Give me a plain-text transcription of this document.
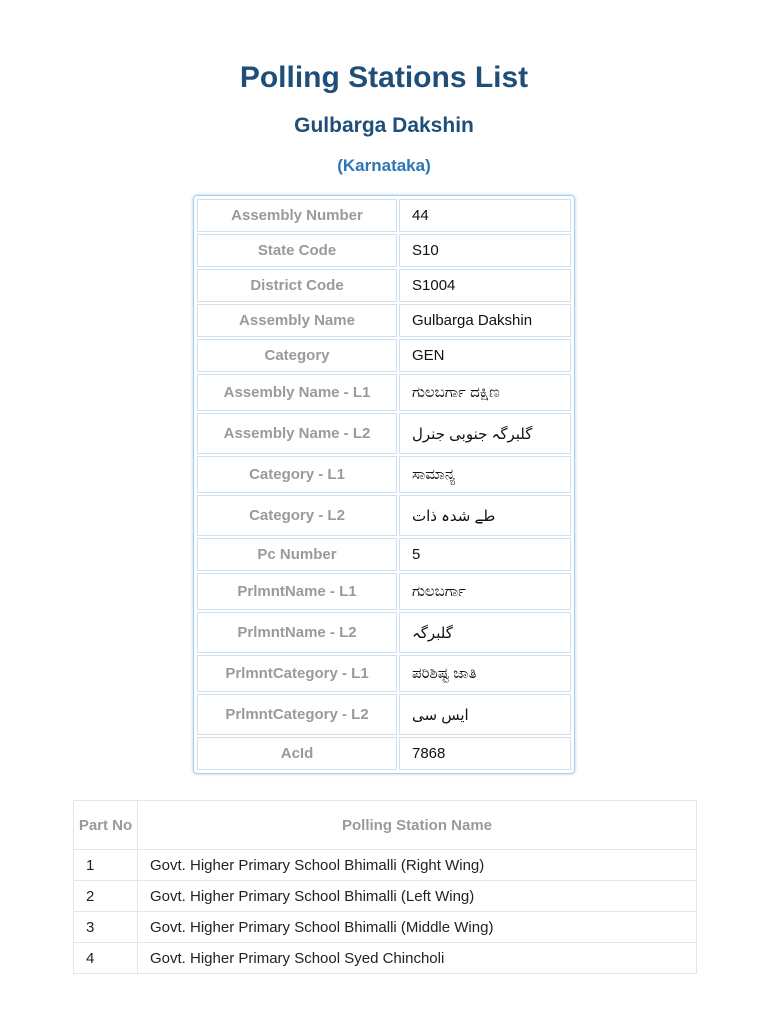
Polling Stations List
Gulbarga Dakshin
(Karnataka)
Assembly Number	44
State Code	S10
District Code	S1004
Assembly Name	Gulbarga Dakshin
Category	GEN
Assembly Name - L1	ಗುಲಬರ್ಗಾ ದಕ್ಷಿಣ
Assembly Name - L2	گلبرگہ جنوبی جنرل
Category - L1	ಸಾಮಾನ್ಯ
Category - L2	طے شدہ ذات
Pc Number	5
PrlmntName - L1	ಗುಲಬರ್ಗಾ
PrlmntName - L2	گلبرگہ
PrlmntCategory - L1	ಪರಿಶಿಷ್ಟ ಜಾತಿ
PrlmntCategory - L2	ایس سی
AcId	7868
Part No	Polling Station Name
1	Govt. Higher Primary School Bhimalli (Right Wing)
2	Govt. Higher Primary School Bhimalli (Left Wing)
3	Govt. Higher Primary School Bhimalli (Middle Wing)
4	Govt. Higher Primary School Syed Chincholi
